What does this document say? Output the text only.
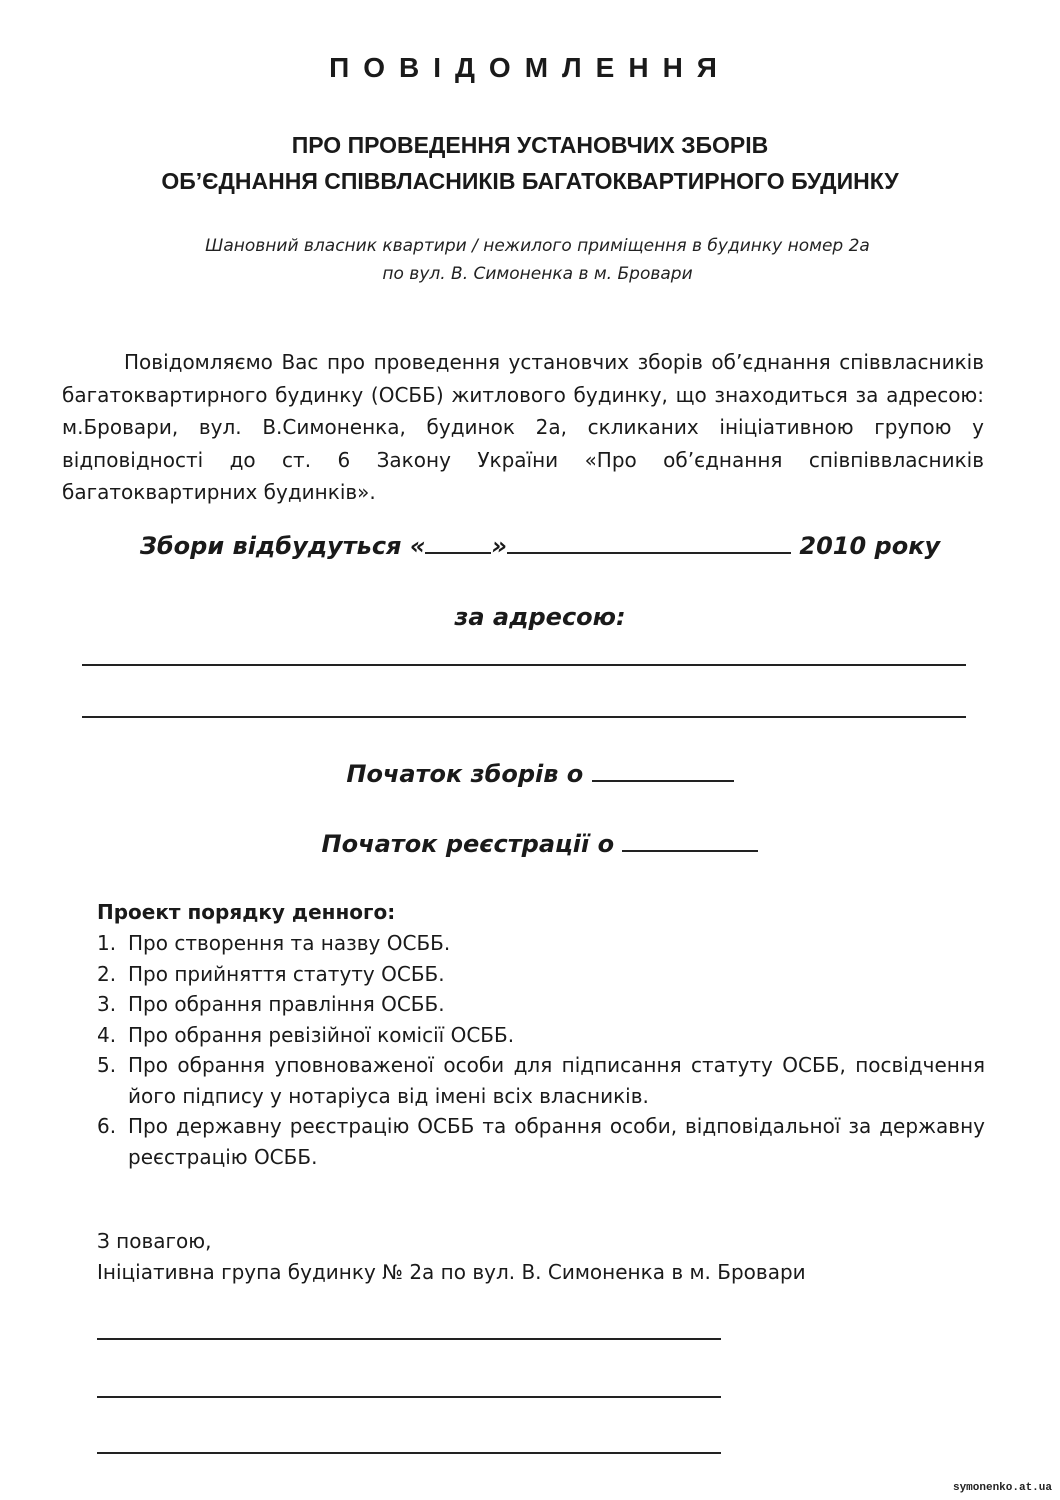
ПОВІДОМЛЕННЯ
ПРО ПРОВЕДЕННЯ УСТАНОВЧИХ ЗБОРІВ
ОБ’ЄДНАННЯ СПІВВЛАСНИКІВ БАГАТОКВАРТИРНОГО БУДИНКУ
Шановний власник квартири / нежилого приміщення в будинку номер 2а
по вул. В. Симоненка в м. Бровари

Повідомляємо Вас про проведення установчих зборів об’єднання співвласників багатоквартирного будинку (ОСББ) житлового будинку, що знаходиться за адресою: м.Бровари, вул. В.Симоненка, будинок 2а, скликаних ініціативною групою у відповідності до ст. 6 Закону України «Про об’єднання співпіввласників багатоквартирних будинків».

Збори відбудуться «	»	2010 року
за адресою:
Початок зборів о
Початок реєстрації о
Проект порядку денного:
1. Про створення та назву ОСББ.
2. Про прийняття статуту ОСББ.
3. Про обрання правління ОСББ.
4. Про обрання ревізійної комісії ОСББ.
5. Про обрання уповноваженої особи для підписання статуту ОСББ, посвідчення його підпису у нотаріуса від імені всіх власників.
6. Про державну реєстрацію ОСББ та обрання особи, відповідальної за державну реєстрацію ОСББ.
З повагою,
Ініціативна група будинку № 2а по вул. В. Симоненка в м. Бровари
symonenko.at.ua
